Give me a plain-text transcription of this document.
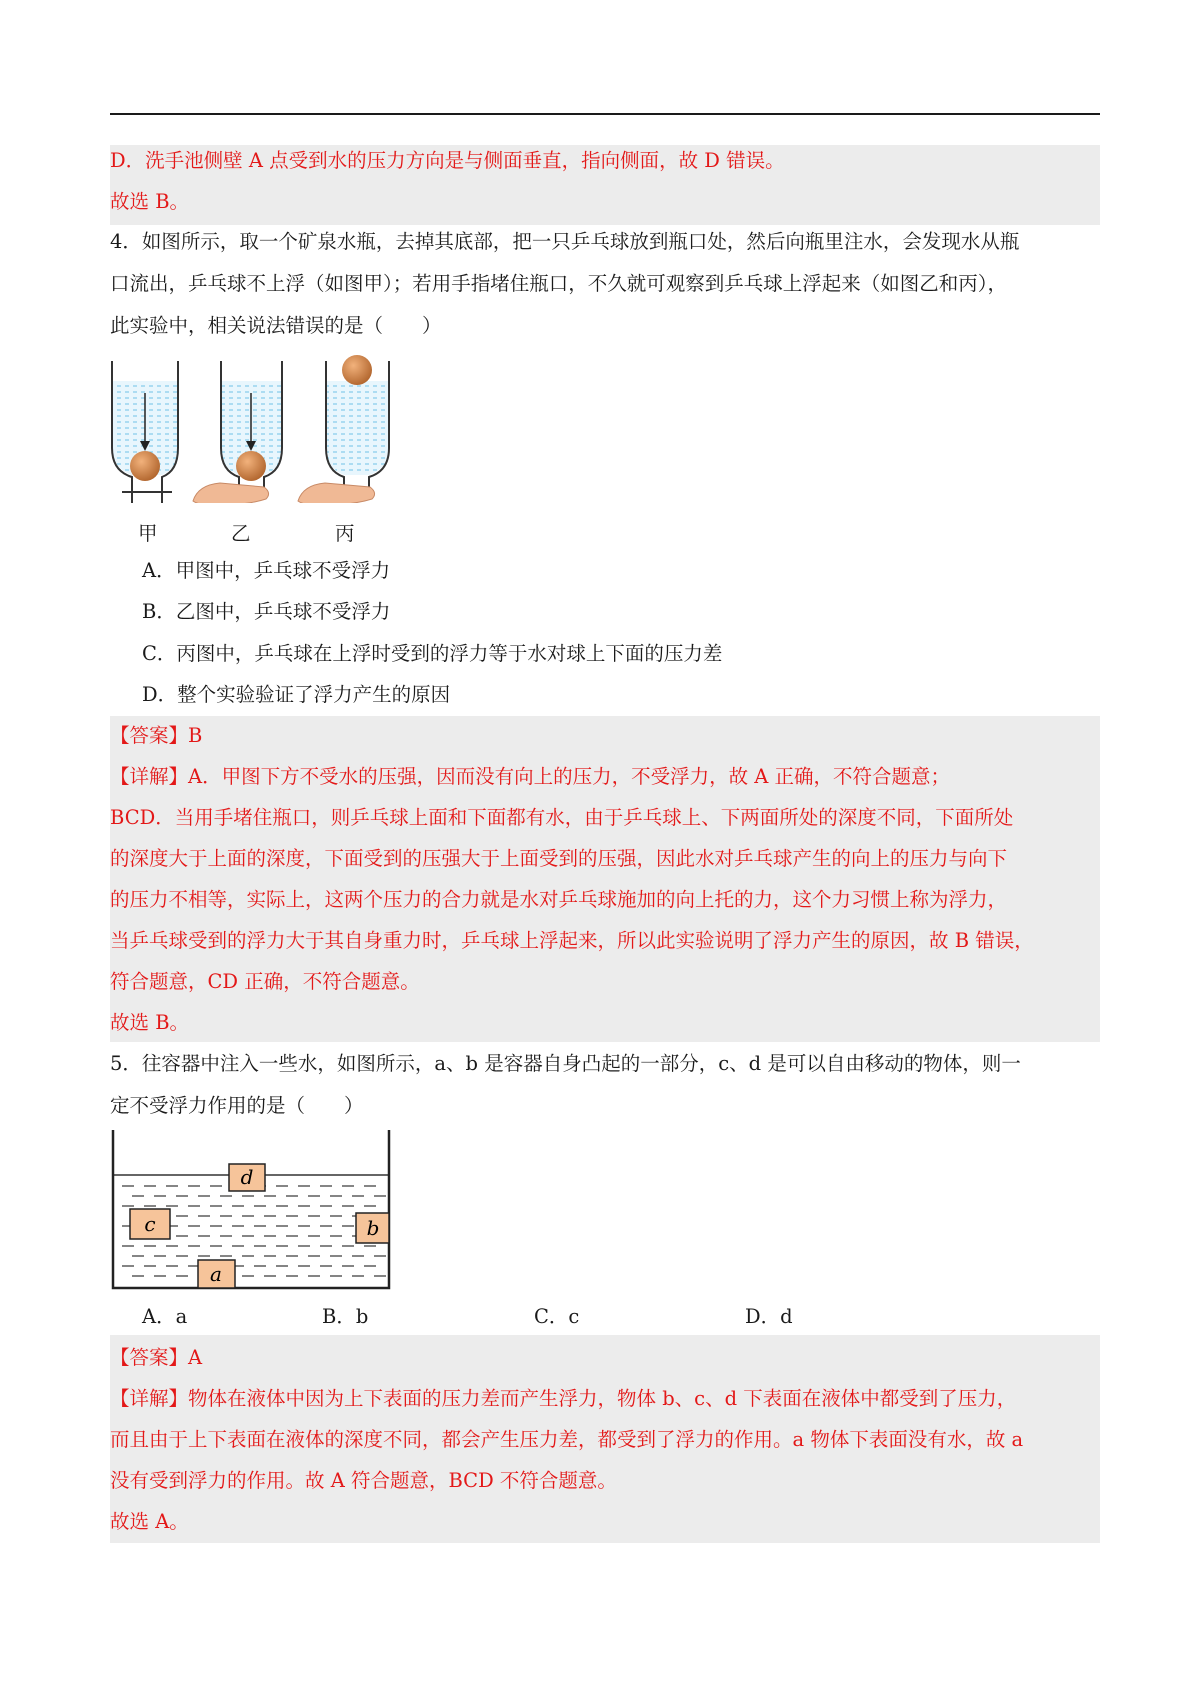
D．洗手池侧壁 A 点受到水的压力方向是与侧面垂直，指向侧面，故 D 错误。
故选 B。
4．如图所示，取一个矿泉水瓶，去掉其底部，把一只乒乓球放到瓶口处，然后向瓶里注水，会发现水从瓶
口流出，乒乓球不上浮（如图甲）；若用手指堵住瓶口，不久就可观察到乒乓球上浮起来（如图乙和丙），
此实验中，相关说法错误的是（　　）
甲	乙	丙
A．甲图中，乒乓球不受浮力
B．乙图中，乒乓球不受浮力
C．丙图中，乒乓球在上浮时受到的浮力等于水对球上下面的压力差
D．整个实验验证了浮力产生的原因
【答案】B
【详解】A．甲图下方不受水的压强，因而没有向上的压力，不受浮力，故 A 正确，不符合题意；
BCD．当用手堵住瓶口，则乒乓球上面和下面都有水，由于乒乓球上、下两面所处的深度不同，下面所处
的深度大于上面的深度，下面受到的压强大于上面受到的压强，因此水对乒乓球产生的向上的压力与向下
的压力不相等，实际上，这两个压力的合力就是水对乒乓球施加的向上托的力，这个力习惯上称为浮力，
当乒乓球受到的浮力大于其自身重力时，乒乓球上浮起来，所以此实验说明了浮力产生的原因，故 B 错误，
符合题意，CD 正确，不符合题意。
故选 B。
5．往容器中注入一些水，如图所示，a、b 是容器自身凸起的一部分，c、d 是可以自由移动的物体，则一
定不受浮力作用的是（　　）
d
c	b
a
A．a	B．b	C．c	D．d
【答案】A
【详解】物体在液体中因为上下表面的压力差而产生浮力，物体 b、c、d 下表面在液体中都受到了压力，
而且由于上下表面在液体的深度不同，都会产生压力差，都受到了浮力的作用。a 物体下表面没有水，故 a
没有受到浮力的作用。故 A 符合题意，BCD 不符合题意。
故选 A。
